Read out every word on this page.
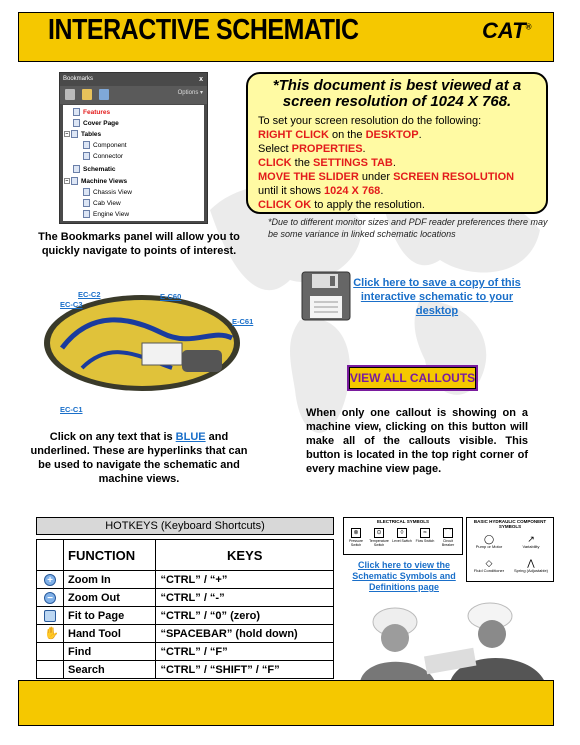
INTERACTIVE SCHEMATIC	CAT®
Bookmarks	x
Options ▾
Features
Cover Page
− Tables
Component
Connector
Schematic
− Machine Views
Chassis View
Cab View
Engine View
The Bookmarks panel will allow you to quickly navigate to points of interest.
*This document is best viewed at a screen resolution of 1024 X 768.
To set your screen resolution do the following:
RIGHT CLICK on the DESKTOP.
Select PROPERTIES.
CLICK the SETTINGS TAB.
MOVE THE SLIDER under SCREEN RESOLUTION
until it shows 1024 X 768.
CLICK OK to apply the resolution.
*Due to different monitor sizes and PDF reader preferences there may be some variance in linked schematic locations
EC-C2
EC-C3
E-C60
E-C61
EC-C1
Click on any text that is BLUE and underlined. These are hyperlinks that can be used to navigate the schematic and machine views.
Click here to save a copy of this interactive schematic to your desktop
VIEW ALL CALLOUTS
When only one callout is showing on a machine view, clicking on this button will make all of the callouts visible. This button is located in the top right corner of every machine view page.
HOTKEYS (Keyboard Shortcuts)
	FUNCTION	KEYS
+	Zoom In	“CTRL” / “+”
−	Zoom Out	“CTRL” / “-”
	Fit to Page	“CTRL” / “0” (zero)
✋	Hand Tool	“SPACEBAR” (hold down)
	Find	“CTRL” / “F”
	Search	“CTRL” / “SHIFT” / “F”
ELECTRICAL SYMBOLS
⊗
Pressure Switch
⊙
Temperature Switch
◊
Level Switch
≈
Flow Switch
⌒
Circuit Breaker
BASIC HYDRAULIC COMPONENT SYMBOLS
◯
Pump or Motor
↗
Variability
◇
Fluid Conditioner
⋀
Spring (Adjustable)
Click here to view the Schematic Symbols and Definitions page
